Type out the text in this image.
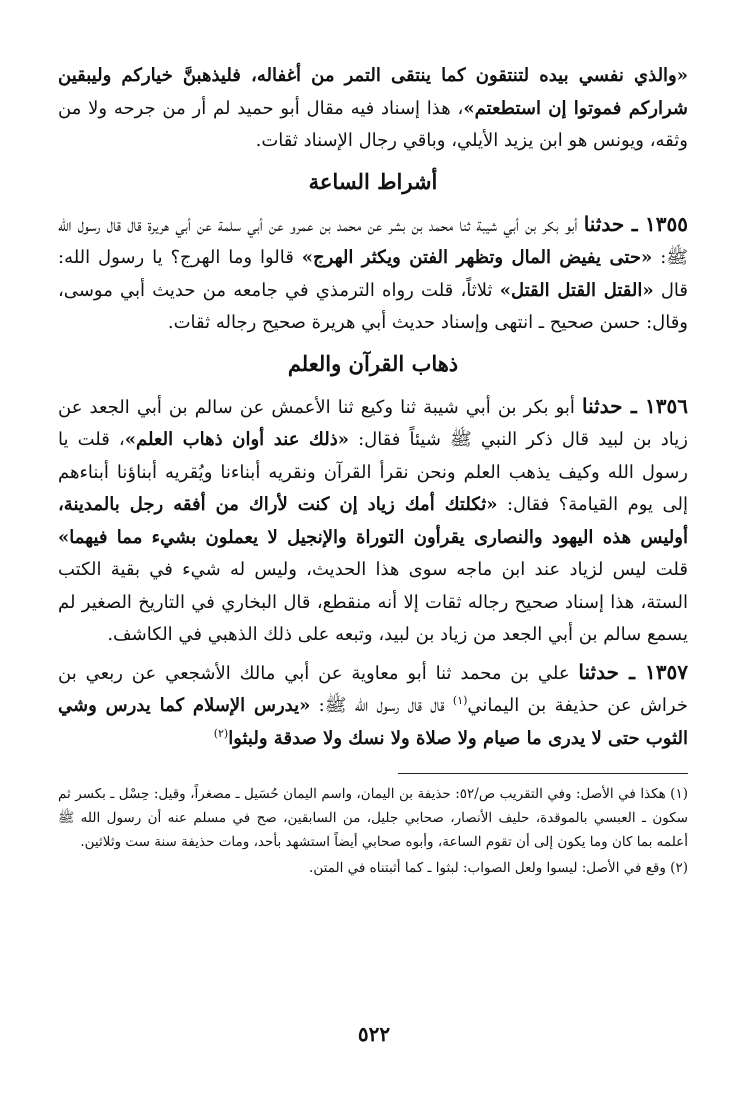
«والذي نفسي بيده لتنتقون كما ينتقى التمر من أغفاله، فليذهبنَّ خياركم وليبقين شراركم فموتوا إن استطعتم»، هذا إسناد فيه مقال أبو حميد لم أر من جرحه ولا من وثقه، ويونس هو ابن يزيد الأيلي، وباقي رجال الإسناد ثقات.

أشراط الساعة

١٣٥٥ ـ حدثنا أبو بكر بن أبي شيبة ثنا محمد بن بشر عن محمد بن عمرو عن أبي سلمة عن أبي هريرة قال قال رسول الله ﷺ: «حتى يفيض المال وتظهر الفتن ويكثر الهرج» قالوا وما الهرج؟ يا رسول الله: قال «القتل القتل القتل» ثلاثاً، قلت رواه الترمذي في جامعه من حديث أبي موسى، وقال: حسن صحيح ـ انتهى وإسناد حديث أبي هريرة صحيح رجاله ثقات.

ذهاب القرآن والعلم

١٣٥٦ ـ حدثنا أبو بكر بن أبي شيبة ثنا وكيع ثنا الأعمش عن سالم بن أبي الجعد عن زياد بن لبيد قال ذكر النبي ﷺ شيئاً فقال: «ذلك عند أوان ذهاب العلم»، قلت يا رسول الله وكيف يذهب العلم ونحن نقرأ القرآن ونقريه أبناءنا ويُقريه أبناؤنا أبناءهم إلى يوم القيامة؟ فقال: «ثكلتك أمك زياد إن كنت لأراك من أفقه رجل بالمدينة، أوليس هذه اليهود والنصارى يقرأون التوراة والإنجيل لا يعملون بشيء مما فيهما» قلت ليس لزياد عند ابن ماجه سوى هذا الحديث، وليس له شيء في بقية الكتب الستة، هذا إسناد صحيح رجاله ثقات إلا أنه منقطع، قال البخاري في التاريخ الصغير لم يسمع سالم بن أبي الجعد من زياد بن لبيد، وتبعه على ذلك الذهبي في الكاشف.

١٣٥٧ ـ حدثنا علي بن محمد ثنا أبو معاوية عن أبي مالك الأشجعي عن ربعي بن خراش عن حذيفة بن اليماني$^{(١)}$ قال قال رسول الله ﷺ: «يدرس الإسلام كما يدرس وشي الثوب حتى لا يدرى ما صيام ولا صلاة ولا نسك ولا صدقة ولبثوا$^{(٢)}$

(١) هكذا في الأصل: وفي التقريب ص/٥٢: حذيفة بن اليمان، واسم اليمان حُسَيل ـ مصغراً، وقيل: حِسْل ـ بكسر ثم سكون ـ العبسي بالموقدة، حليف الأنصار، صحابي جليل، من السابقين، صح في مسلم عنه أن رسول الله ﷺ أعلمه بما كان وما يكون إلى أن تقوم الساعة، وأبوه صحابي أيضاً استشهد بأحد، ومات حذيفة سنة ست وثلاثين.

(٢) وقع في الأصل: ليسوا ولعل الصواب: لبثوا ـ كما أثبتناه في المتن.

٥٢٢
